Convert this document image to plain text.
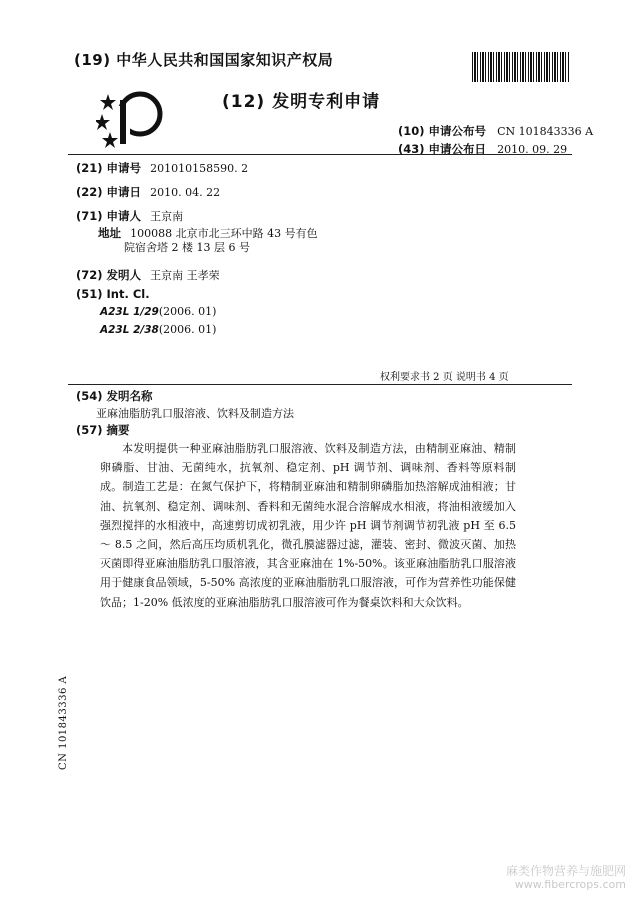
(19) 中华人民共和国国家知识产权局
(12) 发明专利申请
(10) 申请公布号 CN 101843336 A
(43) 申请公布日 2010. 09. 29
(21) 申请号 201010158590. 2
(22) 申请日 2010. 04. 22
(71) 申请人 王京南
地址 100088 北京市北三环中路 43 号有色
院宿舍塔 2 楼 13 层 6 号
(72) 发明人 王京南 王孝荣
(51) Int. Cl.
A23L 1/29(2006. 01)
A23L 2/38(2006. 01)
权利要求书 2 页 说明书 4 页
(54) 发明名称
亚麻油脂肪乳口服溶液、饮料及制造方法
(57) 摘要

本发明提供一种亚麻油脂肪乳口服溶液、饮料及制造方法，由精制亚麻油、精制卵磷脂、甘油、无菌纯水，抗氧剂、稳定剂、pH 调节剂、调味剂、香料等原料制成。制造工艺是：在氮气保护下，将精制亚麻油和精制卵磷脂加热溶解成油相液；甘油、抗氧剂、稳定剂、调味剂、香料和无菌纯水混合溶解成水相液，将油相液缓加入强烈搅拌的水相液中，高速剪切成初乳液，用少许 pH 调节剂调节初乳液 pH 至 6.5 ～ 8.5 之间，然后高压均质机乳化，微孔膜滤器过滤，灌装、密封、微波灭菌、加热灭菌即得亚麻油脂肪乳口服溶液，其含亚麻油在 1%-50%。该亚麻油脂肪乳口服溶液用于健康食品领域，5-50% 高浓度的亚麻油脂肪乳口服溶液，可作为营养性功能保健饮品；1-20% 低浓度的亚麻油脂肪乳口服溶液可作为餐桌饮料和大众饮料。

CN 101843336 A
麻类作物营养与施肥网
www.fibercrops.com
